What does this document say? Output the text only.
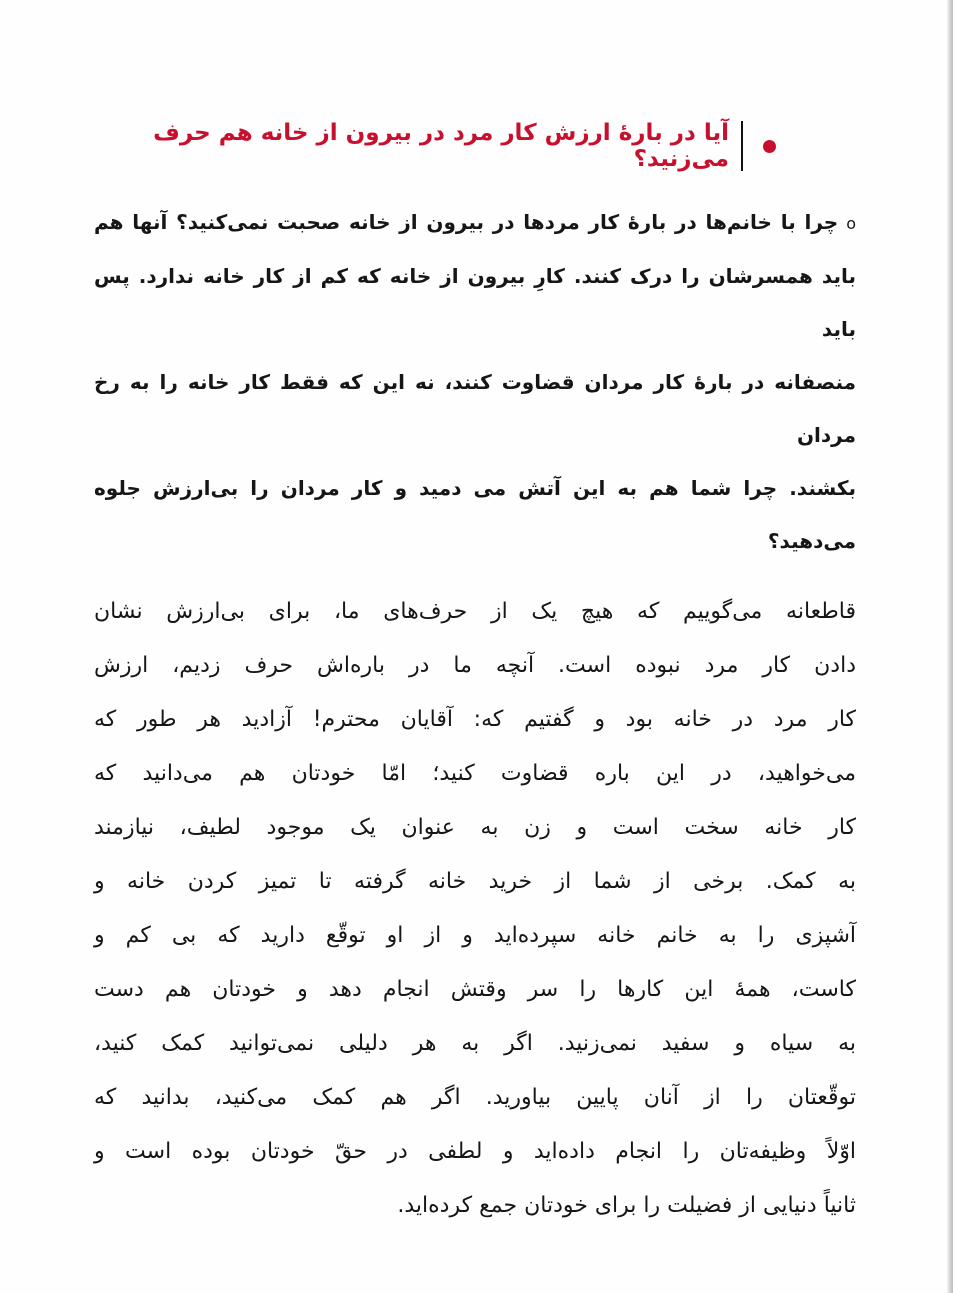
آیا در بارهٔ ارزش کار مرد در بیرون از خانه هم حرف می‌زنید؟
oچرا با خانم‌ها در بارهٔ کار مردها در بیرون از خانه صحبت نمی‌کنید؟ آنها هم
باید همسرشان را درک کنند. کارِ بیرون از خانه که کم از کار خانه ندارد. پس باید
منصفانه در بارهٔ کار مردان قضاوت کنند، نه این که فقط کار خانه را به رخ مردان
بکشند. چرا شما هم به این آتش می دمید و کار مردان را بی‌ارزش جلوه می‌دهید؟
قاطعانه می‌گوییم که هیچ یک از حرف‌های ما، برای بی‌ارزش نشان
دادن کار مرد نبوده است. آنچه ما در باره‌اش حرف زدیم، ارزش
کار مرد در خانه بود و گفتیم که: آقایان محترم! آزادید هر طور که
می‌خواهید، در این باره قضاوت کنید؛ امّا خودتان هم می‌دانید که
کار خانه سخت است و زن به عنوان یک موجود لطیف، نیازمند
به کمک. برخی از شما از خرید خانه گرفته تا تمیز کردن خانه و
آشپزی را به خانم خانه سپرده‌اید و از او توقّع دارید که بی کم و
کاست، همهٔ این کارها را سر وقتش انجام دهد و خودتان هم دست
به سیاه و سفید نمی‌زنید. اگر به هر دلیلی نمی‌توانید کمک کنید،
توقّعتان را از آنان پایین بیاورید. اگر هم کمک می‌کنید، بدانید که
اوّلاً وظیفه‌تان را انجام داده‌اید و لطفی در حقّ خودتان بوده است و
ثانیاً دنیایی از فضیلت را برای خودتان جمع کرده‌اید.
